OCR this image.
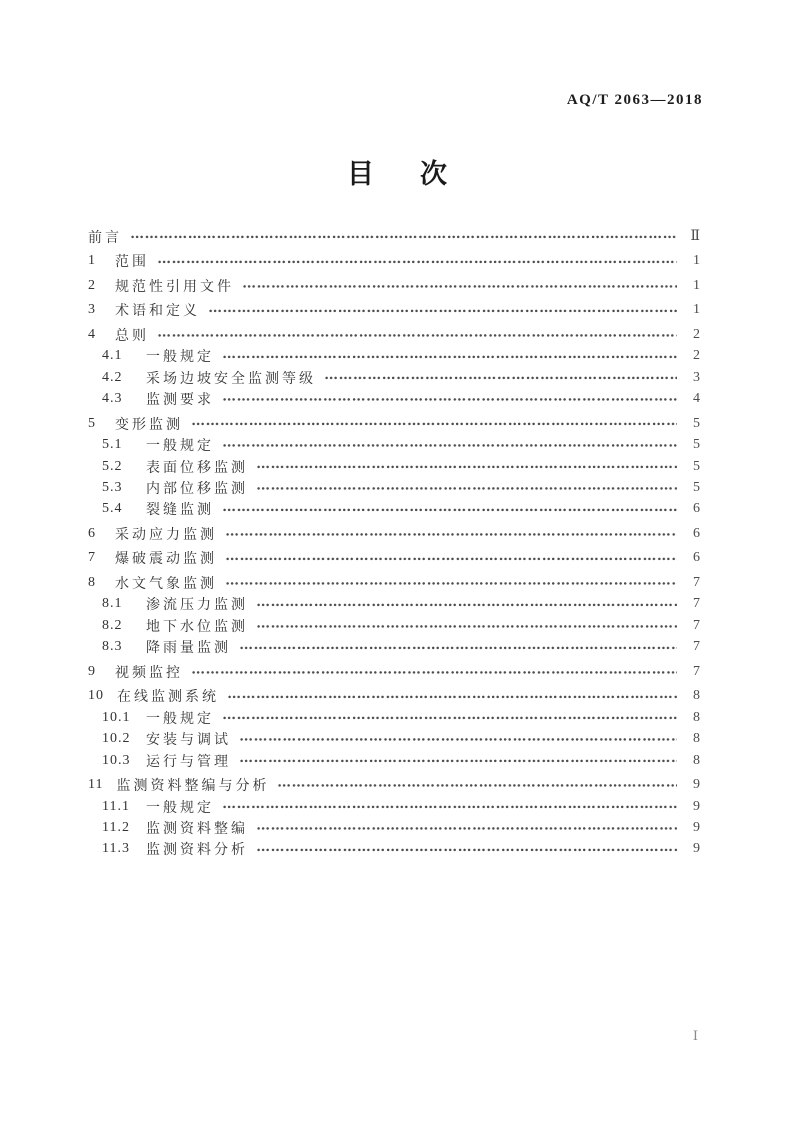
AQ/T 2063—2018
目次
前言	Ⅱ
1	范围	1
2	规范性引用文件	1
3	术语和定义	1
4	总则	2
4.1	一般规定	2
4.2	采场边坡安全监测等级	3
4.3	监测要求	4
5	变形监测	5
5.1	一般规定	5
5.2	表面位移监测	5
5.3	内部位移监测	5
5.4	裂缝监测	6
6	采动应力监测	6
7	爆破震动监测	6
8	水文气象监测	7
8.1	渗流压力监测	7
8.2	地下水位监测	7
8.3	降雨量监测	7
9	视频监控	7
10 在线监测系统	8
10.1 一般规定	8
10.2 安装与调试	8
10.3 运行与管理	8
11 监测资料整编与分析	9
11.1 一般规定	9
11.2 监测资料整编	9
11.3 监测资料分析	9
Ⅰ
